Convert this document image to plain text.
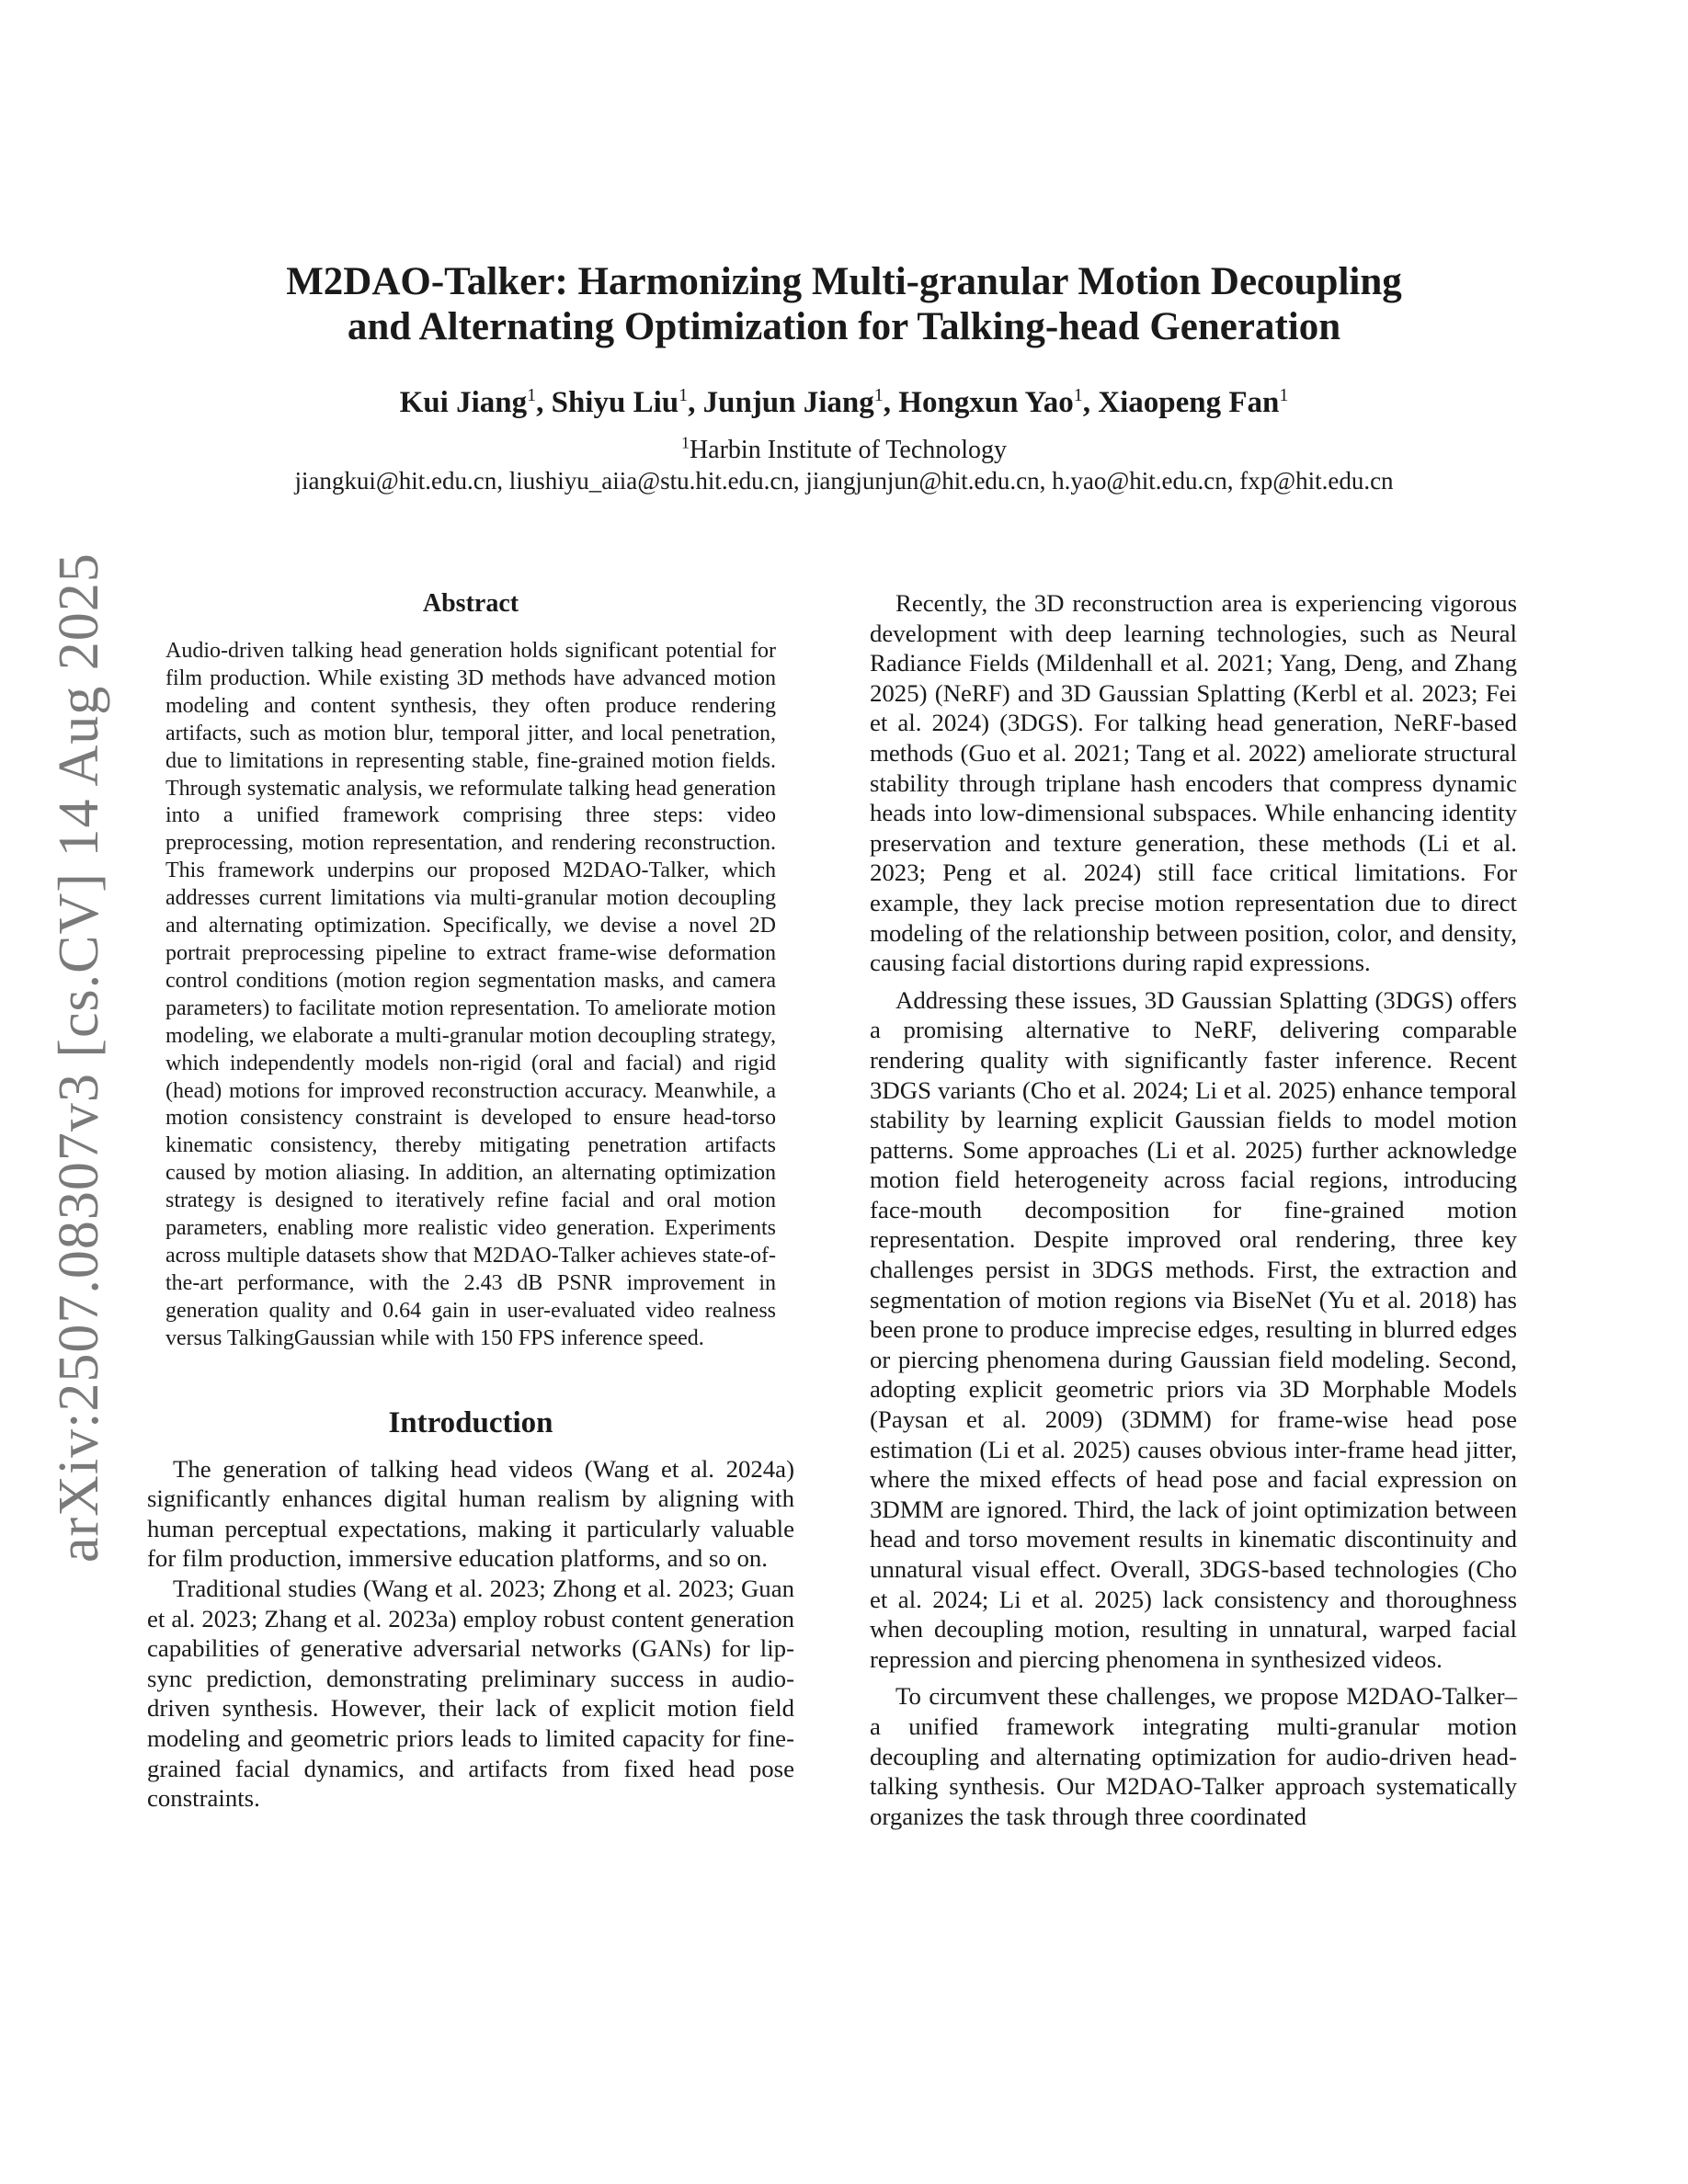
M2DAO-Talker: Harmonizing Multi-granular Motion Decoupling
and Alternating Optimization for Talking-head Generation
Kui Jiang$^1$, Shiyu Liu$^1$, Junjun Jiang$^1$, Hongxun Yao$^1$, Xiaopeng Fan$^1$
$^1$Harbin Institute of Technology
jiangkui@hit.edu.cn, liushiyu_aiia@stu.hit.edu.cn, jiangjunjun@hit.edu.cn, h.yao@hit.edu.cn, fxp@hit.edu.cn
arXiv:2507.08307v3 [cs.CV] 14 Aug 2025	Abstract

Audio-driven talking head generation holds significant potential for film production. While existing 3D methods have advanced motion modeling and content synthesis, they often produce rendering artifacts, such as motion blur, temporal jitter, and local penetration, due to limitations in representing stable, fine-grained motion fields. Through systematic analysis, we reformulate talking head generation into a unified framework comprising three steps: video preprocessing, motion representation, and rendering reconstruction. This framework underpins our proposed M2DAO-Talker, which addresses current limitations via multi-granular motion decoupling and alternating optimization. Specifically, we devise a novel 2D portrait preprocessing pipeline to extract frame-wise deformation control conditions (motion region segmentation masks, and camera parameters) to facilitate motion representation. To ameliorate motion modeling, we elaborate a multi-granular motion decoupling strategy, which independently models non-rigid (oral and facial) and rigid (head) motions for improved reconstruction accuracy. Meanwhile, a motion consistency constraint is developed to ensure head-torso kinematic consistency, thereby mitigating penetration artifacts caused by motion aliasing. In addition, an alternating optimization strategy is designed to iteratively refine facial and oral motion parameters, enabling more realistic video generation. Experiments across multiple datasets show that M2DAO-Talker achieves state-of-the-art performance, with the 2.43 dB PSNR improvement in generation quality and 0.64 gain in user-evaluated video realness versus TalkingGaussian while with 150 FPS inference speed.

Introduction

The generation of talking head videos (Wang et al. 2024a) significantly enhances digital human realism by aligning with human perceptual expectations, making it particularly valuable for film production, immersive education platforms, and so on.

Traditional studies (Wang et al. 2023; Zhong et al. 2023; Guan et al. 2023; Zhang et al. 2023a) employ robust content generation capabilities of generative adversarial networks (GANs) for lip-sync prediction, demonstrating preliminary success in audio-driven synthesis. However, their lack of explicit motion field modeling and geometric priors leads to limited capacity for fine-grained facial dynamics, and artifacts from fixed head pose constraints.

Recently, the 3D reconstruction area is experiencing vigorous development with deep learning technologies, such as Neural Radiance Fields (Mildenhall et al. 2021; Yang, Deng, and Zhang 2025) (NeRF) and 3D Gaussian Splatting (Kerbl et al. 2023; Fei et al. 2024) (3DGS). For talking head generation, NeRF-based methods (Guo et al. 2021; Tang et al. 2022) ameliorate structural stability through triplane hash encoders that compress dynamic heads into low-dimensional subspaces. While enhancing identity preservation and texture generation, these methods (Li et al. 2023; Peng et al. 2024) still face critical limitations. For example, they lack precise motion representation due to direct modeling of the relationship between position, color, and density, causing facial distortions during rapid expressions.

Addressing these issues, 3D Gaussian Splatting (3DGS) offers a promising alternative to NeRF, delivering comparable rendering quality with significantly faster inference. Recent 3DGS variants (Cho et al. 2024; Li et al. 2025) enhance temporal stability by learning explicit Gaussian fields to model motion patterns. Some approaches (Li et al. 2025) further acknowledge motion field heterogeneity across facial regions, introducing face-mouth decomposition for fine-grained motion representation. Despite improved oral rendering, three key challenges persist in 3DGS methods. First, the extraction and segmentation of motion regions via BiseNet (Yu et al. 2018) has been prone to produce imprecise edges, resulting in blurred edges or piercing phenomena during Gaussian field modeling. Second, adopting explicit geometric priors via 3D Morphable Models (Paysan et al. 2009) (3DMM) for frame-wise head pose estimation (Li et al. 2025) causes obvious inter-frame head jitter, where the mixed effects of head pose and facial expression on 3DMM are ignored. Third, the lack of joint optimization between head and torso movement results in kinematic discontinuity and unnatural visual effect. Overall, 3DGS-based technologies (Cho et al. 2024; Li et al. 2025) lack consistency and thoroughness when decoupling motion, resulting in unnatural, warped facial repression and piercing phenomena in synthesized videos.

To circumvent these challenges, we propose M2DAO-Talker–a unified framework integrating multi-granular motion decoupling and alternating optimization for audio-driven head-talking synthesis. Our M2DAO-Talker approach systematically organizes the task through three coordinated
